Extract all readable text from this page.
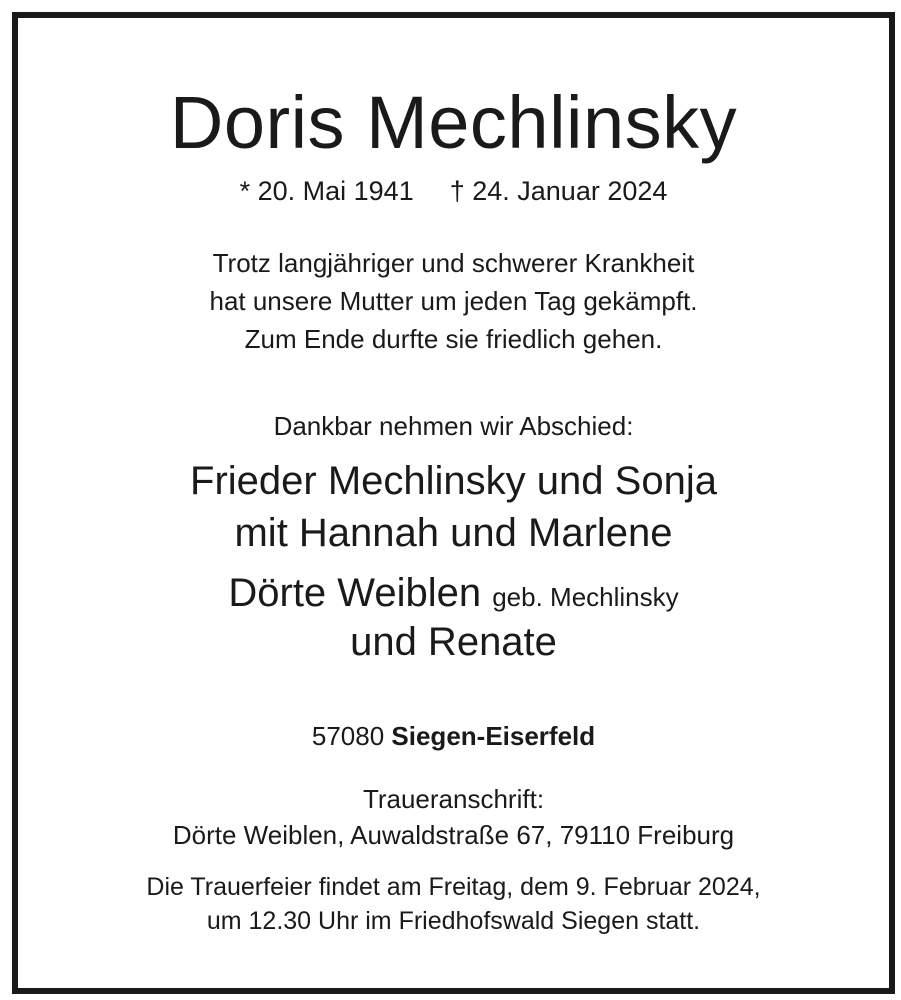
Doris Mechlinsky
* 20. Mai 1941 † 24. Januar 2024
Trotz langjähriger und schwerer Krankheit
hat unsere Mutter um jeden Tag gekämpft.
Zum Ende durfte sie friedlich gehen.
Dankbar nehmen wir Abschied:
Frieder Mechlinsky und Sonja
mit Hannah und Marlene
Dörte Weiblen geb. Mechlinsky
und Renate
57080 Siegen-Eiserfeld
Traueranschrift:
Dörte Weiblen, Auwaldstraße 67, 79110 Freiburg
Die Trauerfeier findet am Freitag, dem 9. Februar 2024,
um 12.30 Uhr im Friedhofswald Siegen statt.
